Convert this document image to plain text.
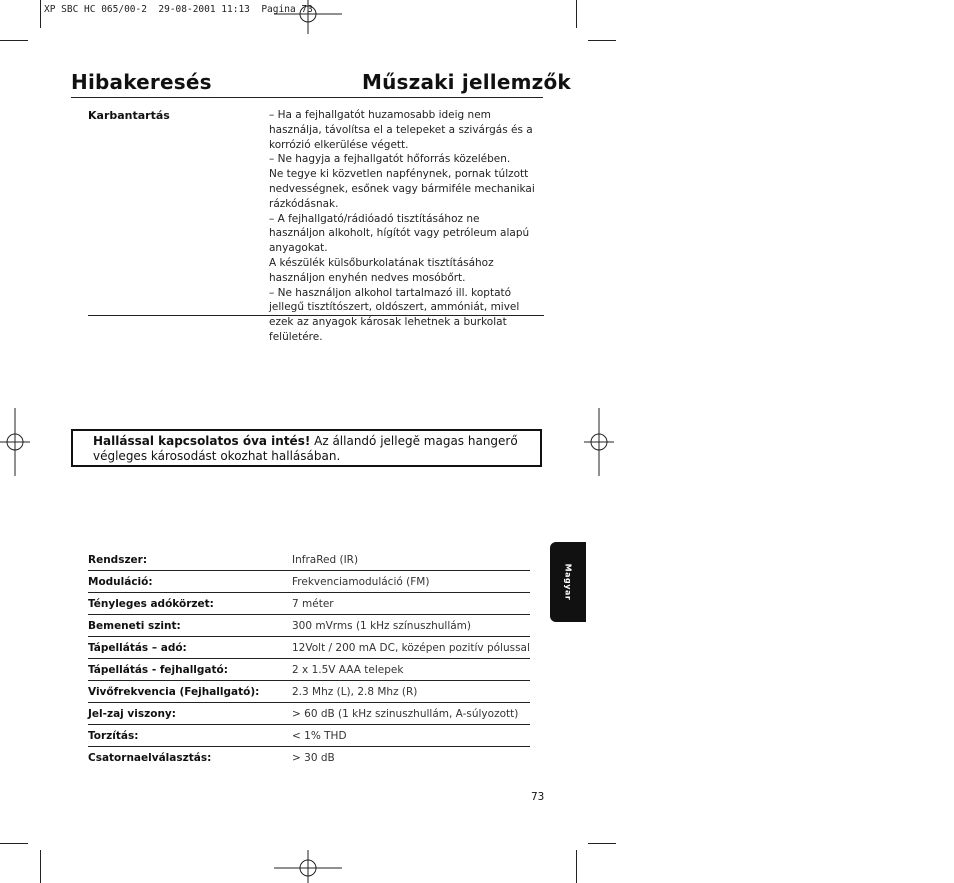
XP SBC HC 065/00-2  29-08-2001 11:13  Pagina 73
Hibakeresés	Műszaki jellemzők
Karbantartás	– Ha a fejhallgatót huzamosabb ideig nem használja, távolítsa el a telepeket a szivárgás és a korrózió elkerülése végett.

– Ne hagyja a fejhallgatót hőforrás közelében.

Ne tegye ki közvetlen napfénynek, pornak túlzott nedvességnek, esőnek vagy bármiféle mechanikai rázkódásnak.

– A fejhallgató/rádióadó tisztításához ne használjon alkoholt, hígítót vagy petróleum alapú anyagokat.

A készülék külsőburkolatának tisztításához használjon enyhén nedves mosóbőrt.

– Ne használjon alkohol tartalmazó ill. koptató jellegű tisztítószert, oldószert, ammóniát, mivel ezek az anyagok károsak lehetnek a burkolat felületére.

Hallással kapcsolatos óva intés! Az állandó jellegĕ magas hangerő végleges károsodást okozhat hallásában.
Rendszer:	InfraRed (IR)
Moduláció:	Frekvenciamoduláció (FM)
Tényleges adókörzet:	7 méter
Bemeneti szint:	300 mVrms (1 kHz színuszhullám)
Tápellátás – adó:	12Volt / 200 mA DC, középen pozitív pólussal
Tápellátás - fejhallgató:	2 x 1.5V AAA telepek
Vivőfrekvencia (Fejhallgató):	2.3 Mhz (L), 2.8 Mhz (R)
Jel-zaj viszony:	> 60 dB (1 kHz szinuszhullám, A-súlyozott)
Torzítás:	< 1% THD
Csatornaelválasztás:	> 30 dB
Magyar
73
